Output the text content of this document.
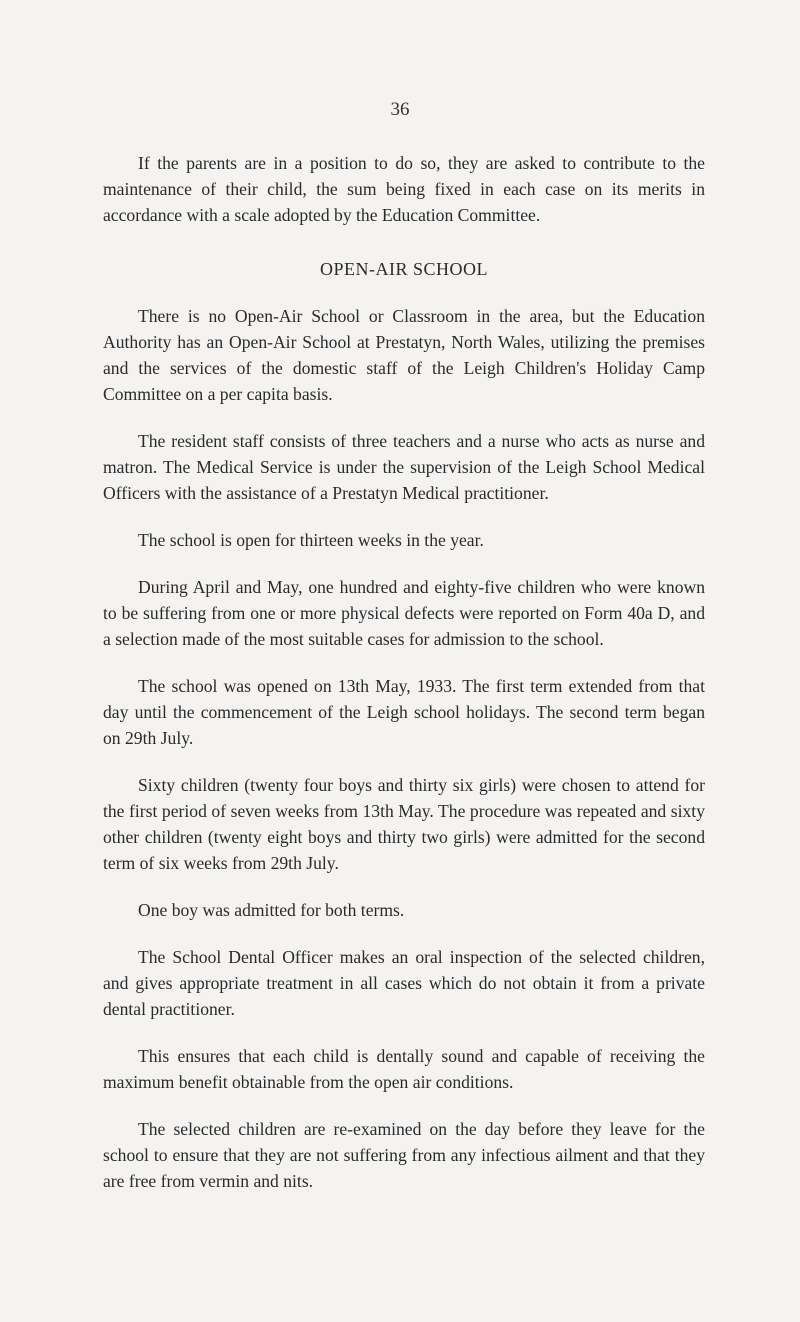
36

If the parents are in a position to do so, they are asked to contribute to the maintenance of their child, the sum being fixed in each case on its merits in accordance with a scale adopted by the Education Committee.

OPEN-AIR SCHOOL

There is no Open-Air School or Classroom in the area, but the Education Authority has an Open-Air School at Prestatyn, North Wales, utilizing the premises and the services of the domestic staff of the Leigh Children's Holiday Camp Committee on a per capita basis.

The resident staff consists of three teachers and a nurse who acts as nurse and matron. The Medical Service is under the supervision of the Leigh School Medical Officers with the assistance of a Prestatyn Medical practitioner.

The school is open for thirteen weeks in the year.

During April and May, one hundred and eighty-five children who were known to be suffering from one or more physical defects were reported on Form 40a D, and a selection made of the most suitable cases for admission to the school.

The school was opened on 13th May, 1933. The first term extended from that day until the commencement of the Leigh school holidays. The second term began on 29th July.

Sixty children (twenty four boys and thirty six girls) were chosen to attend for the first period of seven weeks from 13th May. The procedure was repeated and sixty other children (twenty eight boys and thirty two girls) were admitted for the second term of six weeks from 29th July.

One boy was admitted for both terms.

The School Dental Officer makes an oral inspection of the selected children, and gives appropriate treatment in all cases which do not obtain it from a private dental practitioner.

This ensures that each child is dentally sound and capable of receiving the maximum benefit obtainable from the open air conditions.

The selected children are re-examined on the day before they leave for the school to ensure that they are not suffering from any infectious ailment and that they are free from vermin and nits.
